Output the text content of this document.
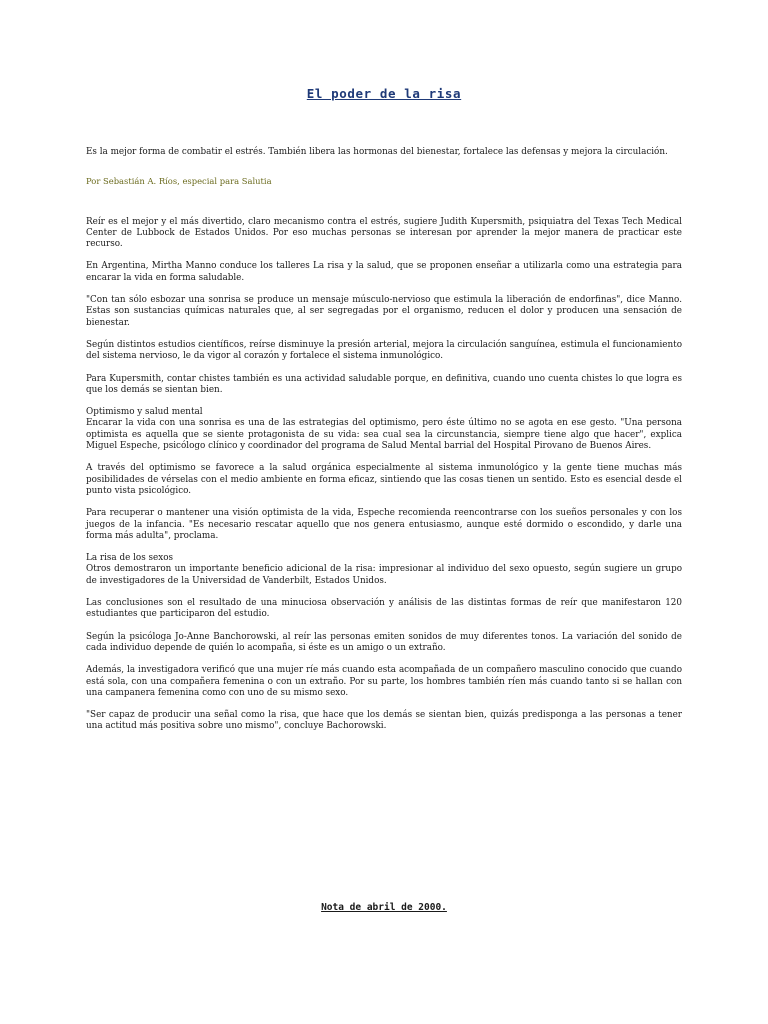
El poder de la risa

Es la mejor forma de combatir el estrés. También libera las hormonas del bienestar, fortalece las defensas y mejora la circulación.

Por Sebastián A. Ríos, especial para Salutia

Reír es el mejor y el más divertido, claro mecanismo contra el estrés, sugiere Judith Kupersmith, psiquiatra del Texas Tech Medical Center de Lubbock de Estados Unidos. Por eso muchas personas se interesan por aprender la mejor manera de practicar este recurso.

En Argentina, Mirtha Manno conduce los talleres La risa y la salud, que se proponen enseñar a utilizarla como una estrategia para encarar la vida en forma saludable.

"Con tan sólo esbozar una sonrisa se produce un mensaje músculo-nervioso que estimula la liberación de endorfinas", dice Manno. Estas son sustancias químicas naturales que, al ser segregadas por el organismo, reducen el dolor y producen una sensación de bienestar.

Según distintos estudios científicos, reírse disminuye la presión arterial, mejora la circulación sanguínea, estimula el funcionamiento del sistema nervioso, le da vigor al corazón y fortalece el sistema inmunológico.

Para Kupersmith, contar chistes también es una actividad saludable porque, en definitiva, cuando uno cuenta chistes lo que logra es que los demás se sientan bien.

Optimismo y salud mental

Encarar la vida con una sonrisa es una de las estrategias del optimismo, pero éste último no se agota en ese gesto. "Una persona optimista es aquella que se siente protagonista de su vida: sea cual sea la circunstancia, siempre tiene algo que hacer", explica Miguel Espeche, psicólogo clínico y coordinador del programa de Salud Mental barrial del Hospital Pirovano de Buenos Aires.

A través del optimismo se favorece a la salud orgánica especialmente al sistema inmunológico y la gente tiene muchas más posibilidades de vérselas con el medio ambiente en forma eficaz, sintiendo que las cosas tienen un sentido. Esto es esencial desde el punto vista psicológico.

Para recuperar o mantener una visión optimista de la vida, Espeche recomienda reencontrarse con los sueños personales y con los juegos de la infancia. "Es necesario rescatar aquello que nos genera entusiasmo, aunque esté dormido o escondido, y darle una forma más adulta", proclama.

La risa de los sexos

Otros demostraron un importante beneficio adicional de la risa: impresionar al individuo del sexo opuesto, según sugiere un grupo de investigadores de la Universidad de Vanderbilt, Estados Unidos.

Las conclusiones son el resultado de una minuciosa observación y análisis de las distintas formas de reír que manifestaron 120 estudiantes que participaron del estudio.

Según la psicóloga Jo-Anne Banchorowski, al reír las personas emiten sonidos de muy diferentes tonos. La variación del sonido de cada individuo depende de quién lo acompaña, si éste es un amigo o un extraño.

Además, la investigadora verificó que una mujer ríe más cuando esta acompañada de un compañero masculino conocido que cuando está sola, con una compañera femenina o con un extraño. Por su parte, los hombres también ríen más cuando tanto si se hallan con una campanera femenina como con uno de su mismo sexo.

"Ser capaz de producir una señal como la risa, que hace que los demás se sientan bien, quizás predisponga a las personas a tener una actitud más positiva sobre uno mismo", concluye Bachorowski.

Nota de abril de 2000.
